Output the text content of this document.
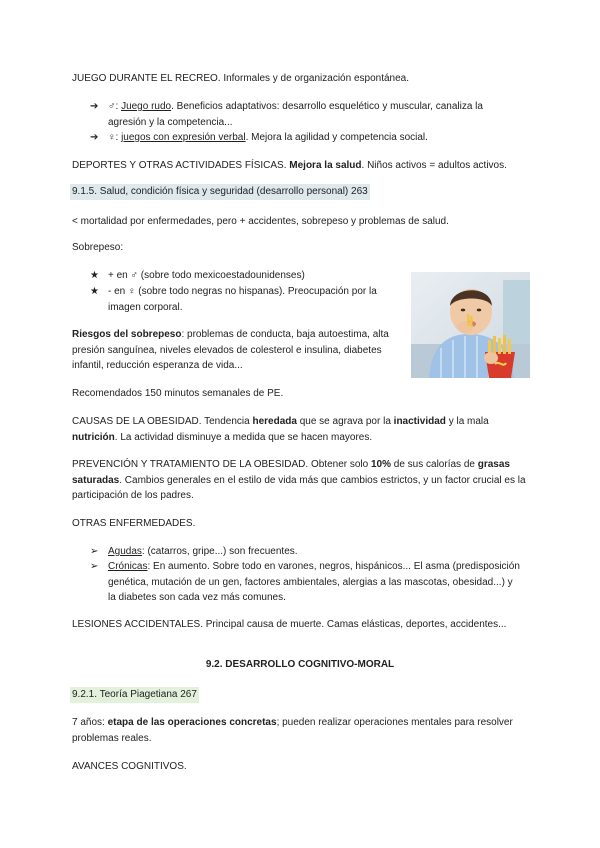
JUEGO DURANTE EL RECREO. Informales y de organización espontánea.

➔ ♂: Juego rudo. Beneficios adaptativos: desarrollo esquelético y muscular, canaliza la agresión y la competencia...
➔ ♀: juegos con expresión verbal. Mejora la agilidad y competencia social.

DEPORTES Y OTRAS ACTIVIDADES FÍSICAS. Mejora la salud. Niños activos = adultos activos.

9.1.5. Salud, condición física y seguridad (desarrollo personal) 263

< mortalidad por enfermedades, pero + accidentes, sobrepeso y problemas de salud.

Sobrepeso:

★ + en ♂ (sobre todo mexicoestadounidenses)
★ - en ♀ (sobre todo negras no hispanas). Preocupación por la imagen corporal.

Riesgos del sobrepeso: problemas de conducta, baja autoestima, alta presión sanguínea, niveles elevados de colesterol e insulina, diabetes infantil, reducción esperanza de vida...

Recomendados 150 minutos semanales de PE.

CAUSAS DE LA OBESIDAD. Tendencia heredada que se agrava por la inactividad y la mala nutrición. La actividad disminuye a medida que se hacen mayores.

PREVENCIÓN Y TRATAMIENTO DE LA OBESIDAD. Obtener solo 10% de sus calorías de grasas saturadas. Cambios generales en el estilo de vida más que cambios estrictos, y un factor crucial es la participación de los padres.

OTRAS ENFERMEDADES.

➢ Agudas: (catarros, gripe...) son frecuentes.
➢ Crónicas: En aumento. Sobre todo en varones, negros, hispánicos... El asma (predisposición genética, mutación de un gen, factores ambientales, alergias a las mascotas, obesidad...) y la diabetes son cada vez más comunes.

LESIONES ACCIDENTALES. Principal causa de muerte. Camas elásticas, deportes, accidentes...

9.2. DESARROLLO COGNITIVO-MORAL
9.2.1. Teoría Piagetiana 267

7 años: etapa de las operaciones concretas; pueden realizar operaciones mentales para resolver problemas reales.

AVANCES COGNITIVOS.
